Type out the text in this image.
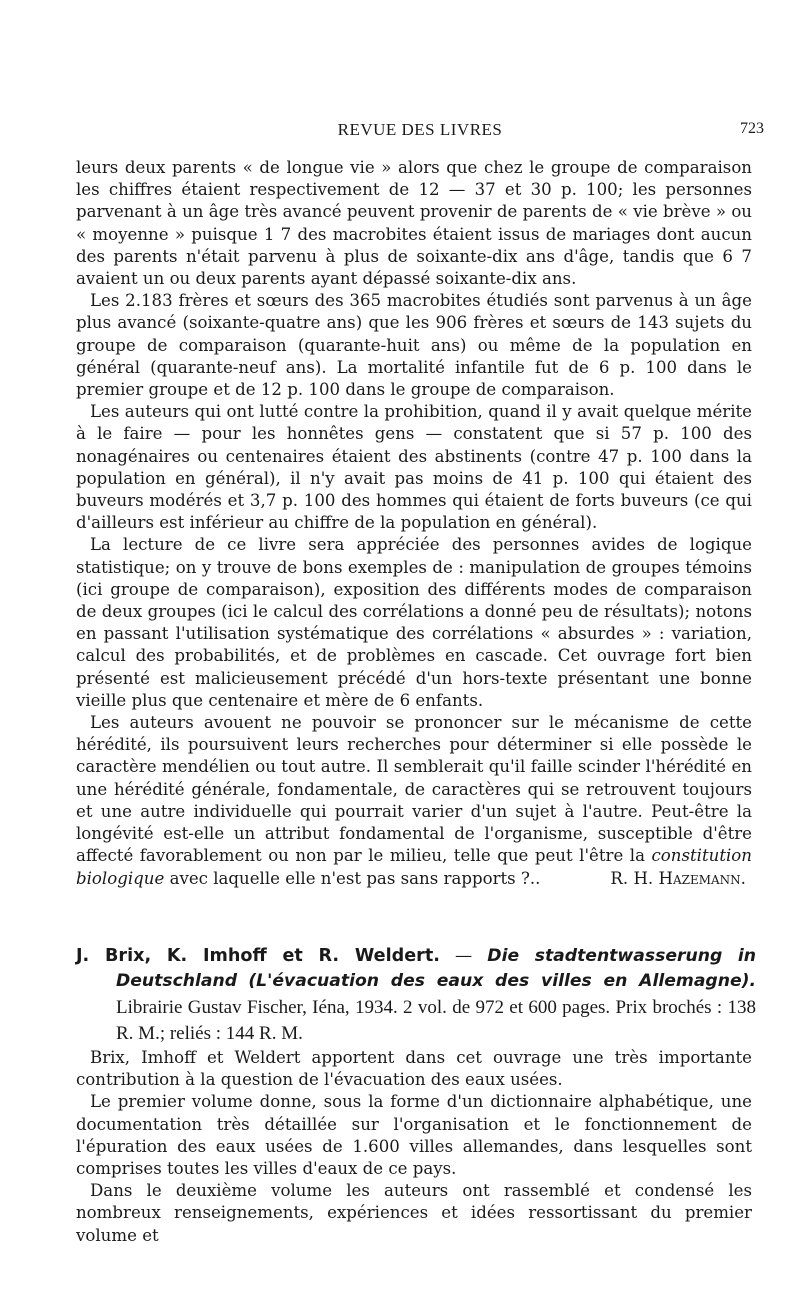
REVUE DES LIVRES	723

leurs deux parents « de longue vie » alors que chez le groupe de comparaison les chiffres étaient respectivement de 12 — 37 et 30 p. 100; les personnes parvenant à un âge très avancé peuvent provenir de parents de « vie brève » ou « moyenne » puisque 1 7 des macrobites étaient issus de mariages dont aucun des parents n'était parvenu à plus de soixante-dix ans d'âge, tandis que 6 7 avaient un ou deux parents ayant dépassé soixante-dix ans.

Les 2.183 frères et sœurs des 365 macrobites étudiés sont parvenus à un âge plus avancé (soixante-quatre ans) que les 906 frères et sœurs de 143 sujets du groupe de comparaison (quarante-huit ans) ou même de la population en général (quarante-neuf ans). La mortalité infantile fut de 6 p. 100 dans le premier groupe et de 12 p. 100 dans le groupe de comparaison.

Les auteurs qui ont lutté contre la prohibition, quand il y avait quelque mérite à le faire — pour les honnêtes gens — constatent que si 57 p. 100 des nonagénaires ou centenaires étaient des abstinents (contre 47 p. 100 dans la population en général), il n'y avait pas moins de 41 p. 100 qui étaient des buveurs modérés et 3,7 p. 100 des hommes qui étaient de forts buveurs (ce qui d'ailleurs est inférieur au chiffre de la population en général).

La lecture de ce livre sera appréciée des personnes avides de logique statistique; on y trouve de bons exemples de : manipulation de groupes témoins (ici groupe de comparaison), exposition des différents modes de comparaison de deux groupes (ici le calcul des corrélations a donné peu de résultats); notons en passant l'utilisation systématique des corrélations « absurdes » : variation, calcul des probabilités, et de problèmes en cascade. Cet ouvrage fort bien présenté est malicieusement précédé d'un hors-texte présentant une bonne vieille plus que centenaire et mère de 6 enfants.

Les auteurs avouent ne pouvoir se prononcer sur le mécanisme de cette hérédité, ils poursuivent leurs recherches pour déterminer si elle possède le caractère mendélien ou tout autre. Il semblerait qu'il faille scinder l'hérédité en une hérédité générale, fondamentale, de caractères qui se retrouvent toujours et une autre individuelle qui pourrait varier d'un sujet à l'autre. Peut-être la longévité est-elle un attribut fondamental de l'organisme, susceptible d'être affecté favorablement ou non par le milieu, telle que peut l'être la constitution biologique avec laquelle elle n'est pas sans rapports ?..	R. H. Hazemann.

J. Brix, K. Imhoff et R. Weldert. — Die stadtentwasserung in Deutschland (L'évacuation des eaux des villes en Allemagne). Librairie Gustav Fischer, Iéna, 1934. 2 vol. de 972 et 600 pages. Prix brochés : 138 R. M.; reliés : 144 R. M.

Brix, Imhoff et Weldert apportent dans cet ouvrage une très importante contribution à la question de l'évacuation des eaux usées.

Le premier volume donne, sous la forme d'un dictionnaire alphabétique, une documentation très détaillée sur l'organisation et le fonctionnement de l'épuration des eaux usées de 1.600 villes allemandes, dans lesquelles sont comprises toutes les villes d'eaux de ce pays.

Dans le deuxième volume les auteurs ont rassemblé et condensé les nombreux renseignements, expériences et idées ressortissant du premier volume et
